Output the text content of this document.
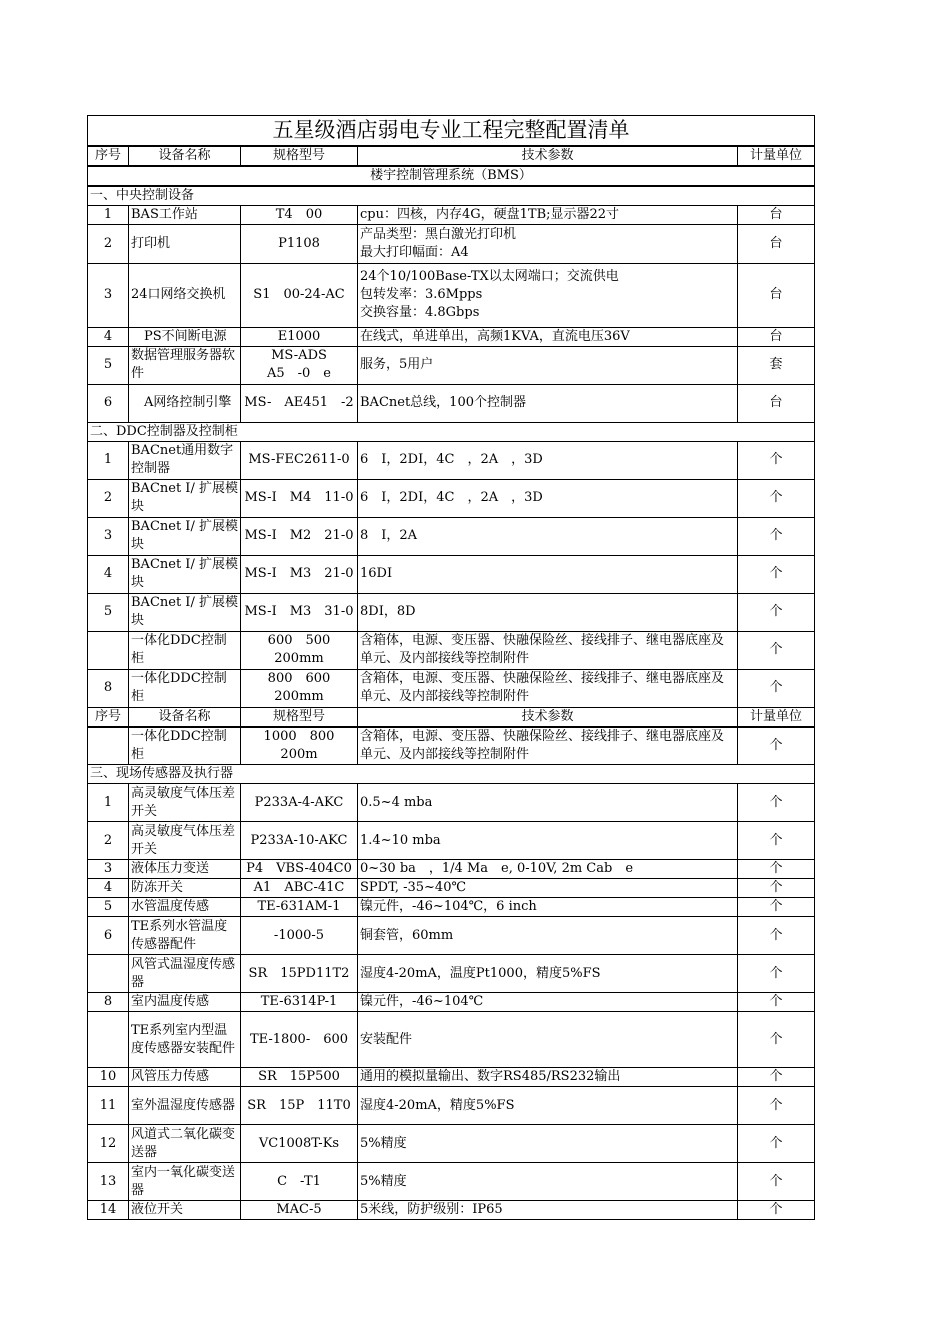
五星级酒店弱电专业工程完整配置清单				
序号	设备名称	规格型号	技术参数	计量单位
楼宇控制管理系统（BMS）				
一、中央控制设备				
1	BAS工作站	T4　00	cpu：四核，内存4G，硬盘1TB;显示器22寸	台
2	打印机	P1108	产品类型：黑白激光打印机
最大打印幅面：A4	台
3	24口网络交换机	S1　00-24-AC	24个10/100Base-TX以太网端口；交流供电
包转发率：3.6Mpps
交换容量：4.8Gbps	台
4	　PS不间断电源	E1000	在线式，单进单出，高频1KVA，直流电压36V	台
5	数据管理服务器软件	MS-ADS　A5　-0　e	服务，5用户	套
6	　A网络控制引擎	MS-　AE451　-2	BACnet总线，100个控制器	台
二、DDC控制器及控制柜				
1	BACnet通用数字控制器	MS-FEC2611-0	6　I，2DI，4C　，2A　，3D	个
2	BACnet I/ 扩展模块	MS-I　M4　11-0	6　I，2DI，4C　，2A　，3D	个
3	BACnet I/ 扩展模块	MS-I　M2　21-0	8　I，2A	个
4	BACnet I/ 扩展模块	MS-I　M3　21-0	16DI	个
5	BACnet I/ 扩展模块	MS-I　M3　31-0	8DI，8D	个
	一体化DDC控制柜	600　500　200mm	含箱体，电源、变压器、快融保险丝、接线排子、继电器底座及单元、及内部接线等控制附件	个
8	一体化DDC控制柜	800　600　200mm	含箱体，电源、变压器、快融保险丝、接线排子、继电器底座及单元、及内部接线等控制附件	个
序号	设备名称	规格型号	技术参数	计量单位
	一体化DDC控制柜	1000　800　200m	含箱体，电源、变压器、快融保险丝、接线排子、继电器底座及单元、及内部接线等控制附件	个
三、现场传感器及执行器				
1	高灵敏度气体压差开关	P233A-4-AKC	0.5~4 mba	个
2	高灵敏度气体压差开关	P233A-10-AKC	1.4~10 mba	个
3	液体压力变送	P4　VBS-404C0	0~30 ba　，1/4 Ma　e, 0-10V, 2m Cab　e	个
4	防冻开关	A1　ABC-41C	SPDT, -35~40℃	个
5	水管温度传感	TE-631AM-1	镍元件，-46~104℃，6 inch	个
6	TE系列水管温度传感器配件	-1000-5	铜套管，60mm	个
	风管式温湿度传感器	SR　15PD11T2	湿度4-20mA，温度Pt1000，精度5%FS	个
8	室内温度传感	TE-6314P-1	镍元件，-46~104℃	个
	TE系列室内型温度传感器安装配件	TE-1800-　600	安装配件	个
10	风管压力传感	SR　15P500	通用的模拟量输出、数字RS485/RS232输出	个
11	室外温湿度传感器	SR　15P　11T0	湿度4-20mA，精度5%FS	个
12	风道式二氧化碳变送器	VC1008T-Ks	5%精度	个
13	室内一氧化碳变送器	C　-T1	5%精度	个
14	液位开关	MAC-5	5米线，防护级别：IP65	个
